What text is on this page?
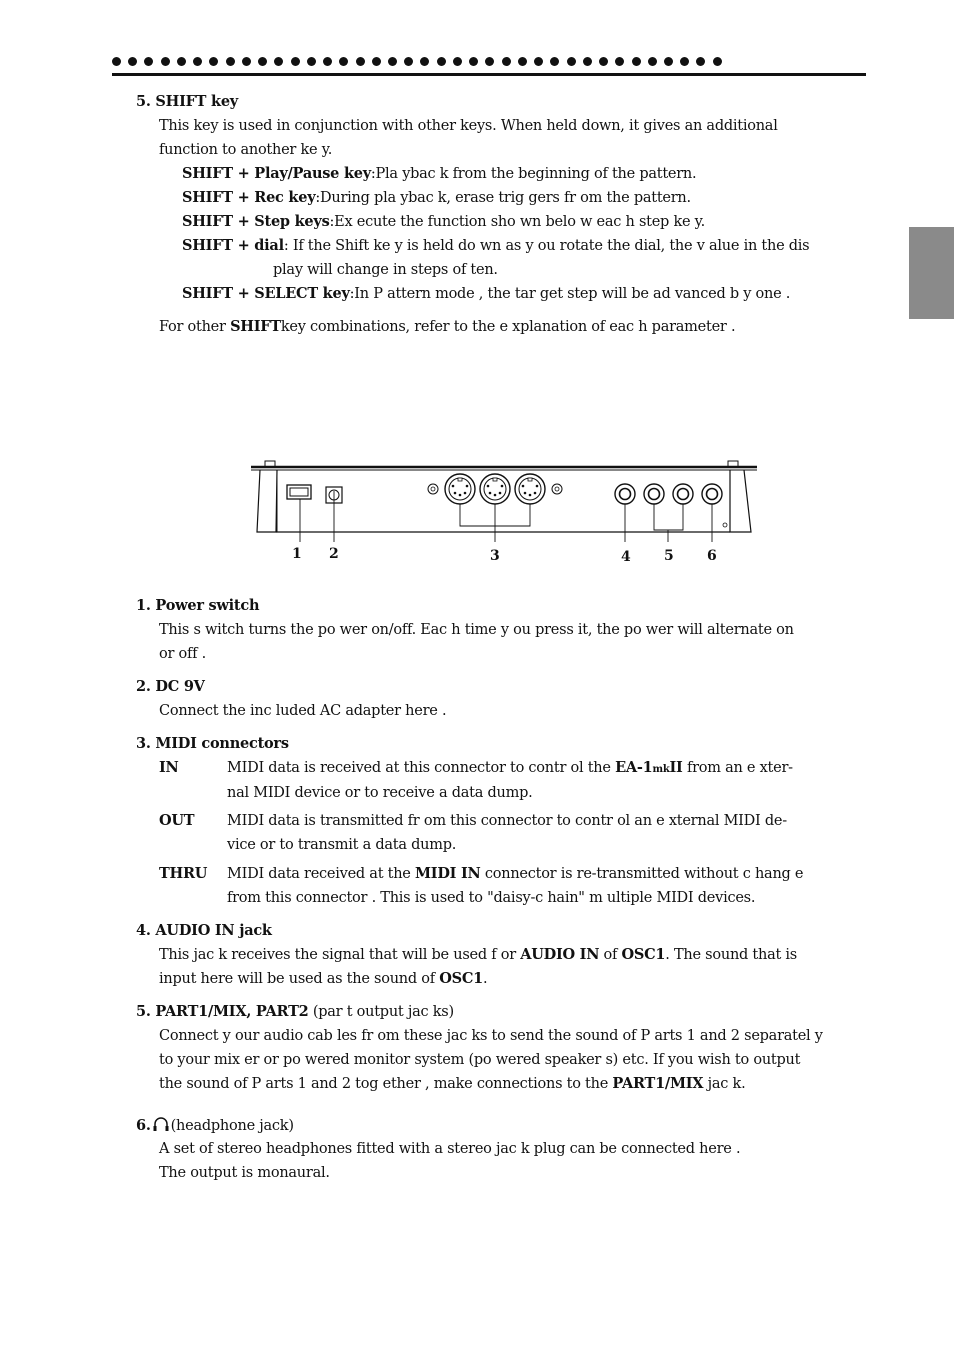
5. SHIFT key
This key is used in conjunction with other keys. When held down, it gives an additional
function to another ke y.
SHIFT + Play/Pause key:Pla ybac k from the beginning of the pattern.
SHIFT + Rec key:During pla ybac k, erase trig gers fr om the pattern.
SHIFT + Step keys:Ex ecute the function sho wn belo w eac h step ke y.
SHIFT + dial: If the Shift ke y is held do wn as y ou rotate the dial, the v alue in the dis
play will change in steps of ten.
SHIFT + SELECT key:In P attern mode , the tar get step will be ad vanced b y one .
For other SHIFTkey combinations, refer to the e xplanation of eac h parameter .
1 2	3	4 5 6
1. Power switch
This s witch turns the po wer on/off. Eac h time y ou press it, the po wer will alternate on
or off .
2. DC 9V
Connect the inc luded AC adapter here .
3. MIDI connectors
IN	MIDI data is received at this connector to contr ol the EA-1mkII from an e xter-
nal MIDI device or to receive a data dump.
OUT MIDI data is transmitted fr om this connector to contr ol an e xternal MIDI de-
vice or to transmit a data dump.
THRU MIDI data received at the MIDI IN connector is re-transmitted without c hang e
from this connector . This is used to "daisy-c hain" m ultiple MIDI devices.
4. AUDIO IN jack
This jac k receives the signal that will be used f or AUDIO IN of OSC1. The sound that is
input here will be used as the sound of OSC1.
5. PART1/MIX, PART2 (par t output jac ks)
Connect y our audio cab les fr om these jac ks to send the sound of P arts 1 and 2 separatel y
to your mix er or po wered monitor system (po wered speaker s) etc. If you wish to output
the sound of P arts 1 and 2 tog ether , make connections to the PART1/MIX jac k.
6. (headphone jack)
A set of stereo headphones fitted with a stereo jac k plug can be connected here .
The output is monaural.
